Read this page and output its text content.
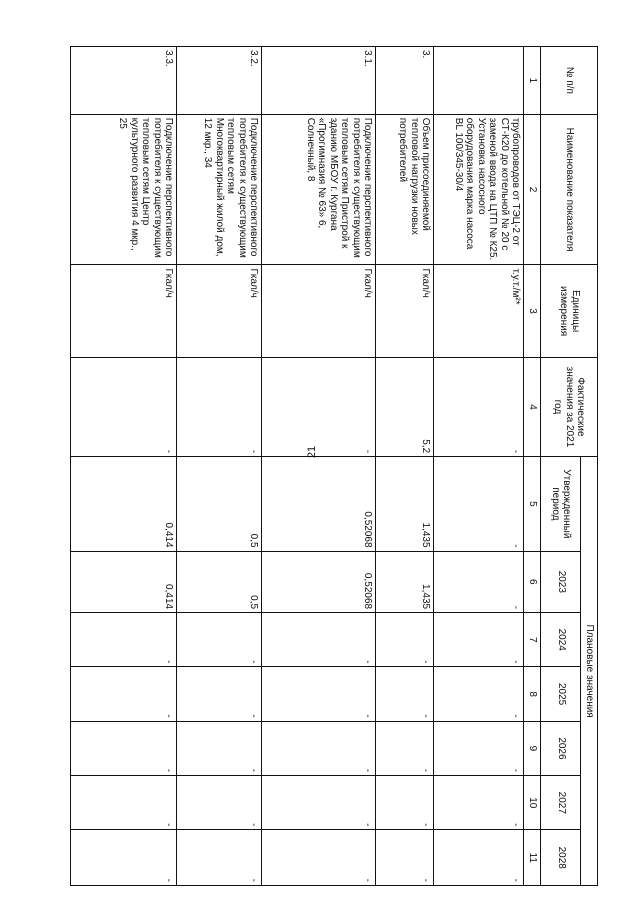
21
№ п/п	Наименование показателя	Единицы измерения	Фактические значения за 2021 год	Плановые значения						
				Утвержденный период	2023	2024	2025	2026	2027	2028
1	2	3	4	5	6	7	8	9	10	11
	трубопроводов от ТЭЦ-2 от СТ-К20 до котельной № 20 с заменой ввода на ЦТП № К25. Установка насосного оборудования марка насоса BL 100/345-30/4	т.у.т./м²*	-	-	-	-	-	-	-	-
3.	Объем присоединяемой тепловой нагрузки новых потребителей	Гкал/ч	5,2	1,435	1,435	-	-	-	-	-
3.1.	Подключение перспективного потребителя к существующим тепловым сетям Пристрой к зданию МБОУ г. Кургана «Прогимназия № 63» 6, Солнечный, 8	Гкал/ч	-	0,52068	0,52068	-	-	-	-	-
3.2.	Подключение перспективного потребителя к существующим тепловым сетям Многоквартирный жилой дом, 12 мкр., 34	Гкал/ч	-	0,5	0,5	-	-	-	-	-
3.3.	Подключение перспективного потребителя к существующим тепловым сетям Центр культурного развития 4 мкр., 25	Гкал/ч	-	0,414	0,414	-	-	-	-	-
